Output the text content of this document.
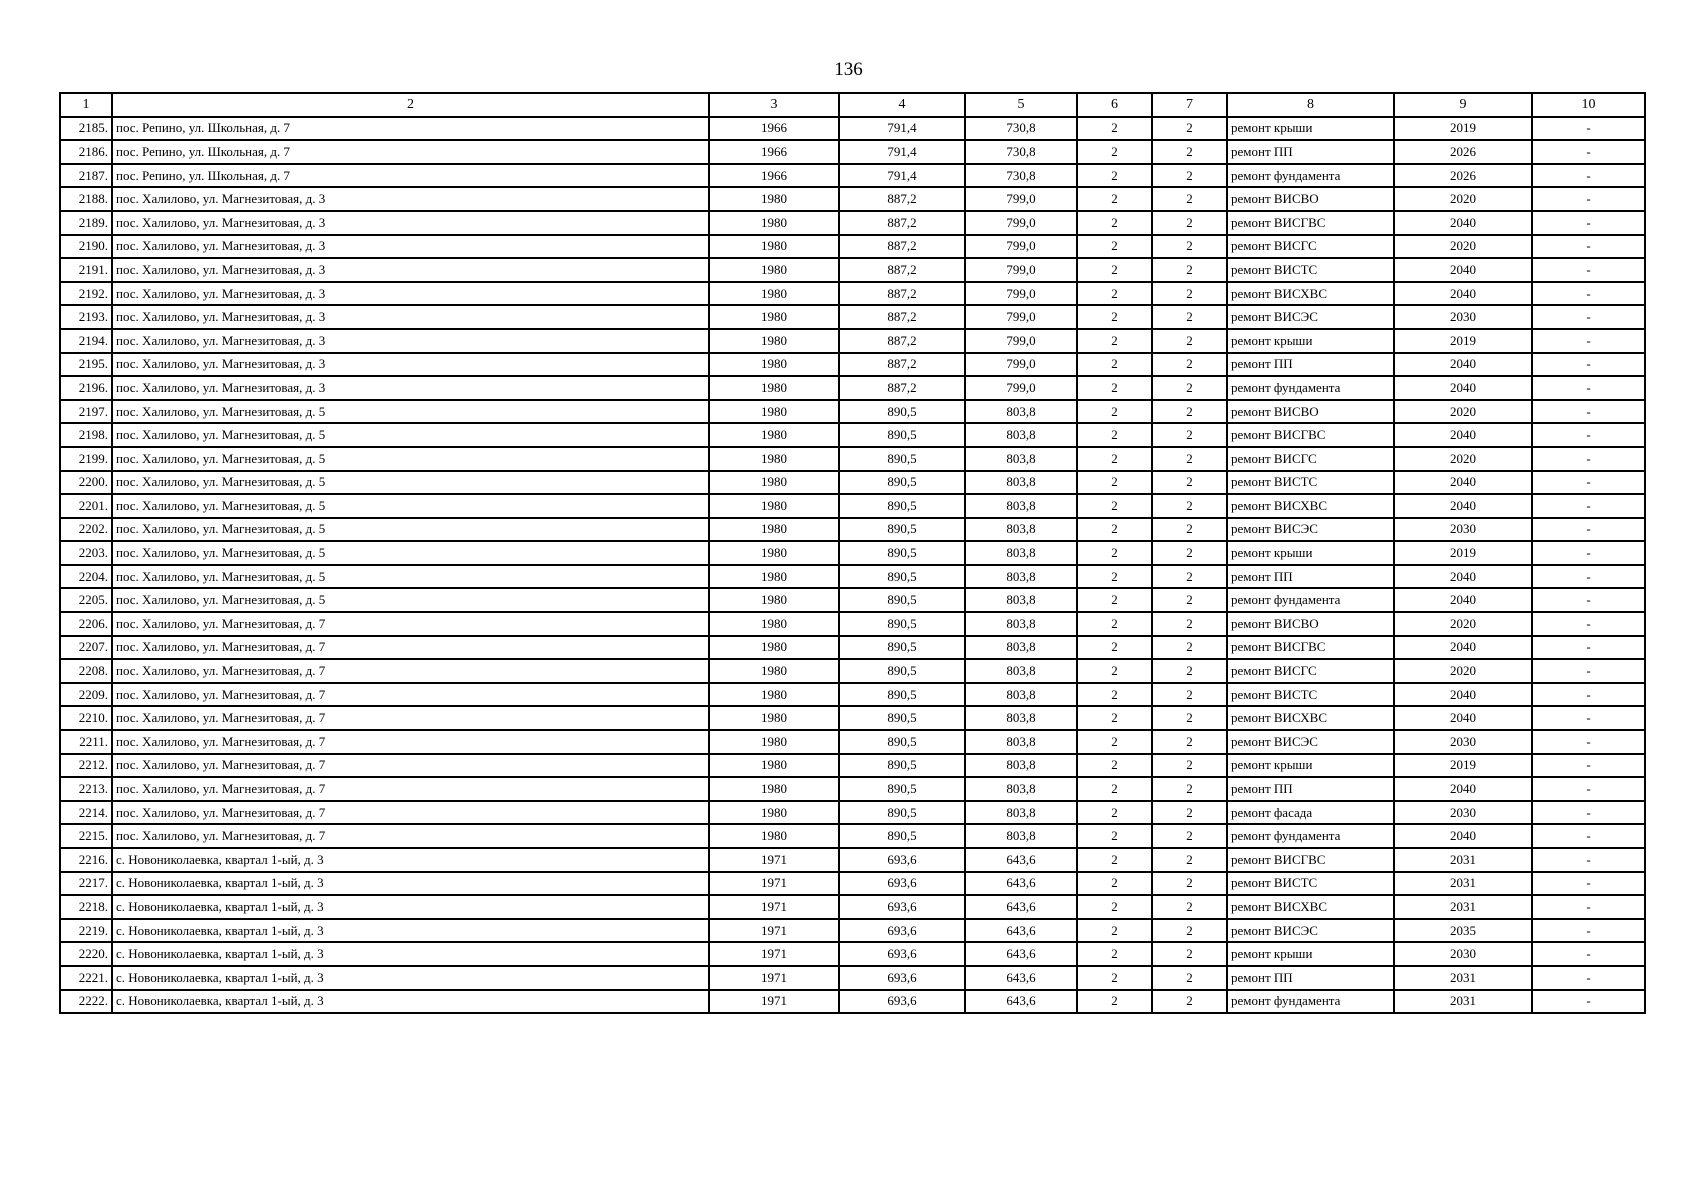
136
1	2	3	4	5	6	7	8	9	10
2185.	пос. Репино, ул. Школьная, д. 7	1966	791,4	730,8	2	2	ремонт крыши	2019	-
2186.	пос. Репино, ул. Школьная, д. 7	1966	791,4	730,8	2	2	ремонт ПП	2026	-
2187.	пос. Репино, ул. Школьная, д. 7	1966	791,4	730,8	2	2	ремонт фундамента	2026	-
2188.	пос. Халилово, ул. Магнезитовая, д. 3	1980	887,2	799,0	2	2	ремонт ВИСВО	2020	-
2189.	пос. Халилово, ул. Магнезитовая, д. 3	1980	887,2	799,0	2	2	ремонт ВИСГВС	2040	-
2190.	пос. Халилово, ул. Магнезитовая, д. 3	1980	887,2	799,0	2	2	ремонт ВИСГС	2020	-
2191.	пос. Халилово, ул. Магнезитовая, д. 3	1980	887,2	799,0	2	2	ремонт ВИСТС	2040	-
2192.	пос. Халилово, ул. Магнезитовая, д. 3	1980	887,2	799,0	2	2	ремонт ВИСХВС	2040	-
2193.	пос. Халилово, ул. Магнезитовая, д. 3	1980	887,2	799,0	2	2	ремонт ВИСЭС	2030	-
2194.	пос. Халилово, ул. Магнезитовая, д. 3	1980	887,2	799,0	2	2	ремонт крыши	2019	-
2195.	пос. Халилово, ул. Магнезитовая, д. 3	1980	887,2	799,0	2	2	ремонт ПП	2040	-
2196.	пос. Халилово, ул. Магнезитовая, д. 3	1980	887,2	799,0	2	2	ремонт фундамента	2040	-
2197.	пос. Халилово, ул. Магнезитовая, д. 5	1980	890,5	803,8	2	2	ремонт ВИСВО	2020	-
2198.	пос. Халилово, ул. Магнезитовая, д. 5	1980	890,5	803,8	2	2	ремонт ВИСГВС	2040	-
2199.	пос. Халилово, ул. Магнезитовая, д. 5	1980	890,5	803,8	2	2	ремонт ВИСГС	2020	-
2200.	пос. Халилово, ул. Магнезитовая, д. 5	1980	890,5	803,8	2	2	ремонт ВИСТС	2040	-
2201.	пос. Халилово, ул. Магнезитовая, д. 5	1980	890,5	803,8	2	2	ремонт ВИСХВС	2040	-
2202.	пос. Халилово, ул. Магнезитовая, д. 5	1980	890,5	803,8	2	2	ремонт ВИСЭС	2030	-
2203.	пос. Халилово, ул. Магнезитовая, д. 5	1980	890,5	803,8	2	2	ремонт крыши	2019	-
2204.	пос. Халилово, ул. Магнезитовая, д. 5	1980	890,5	803,8	2	2	ремонт ПП	2040	-
2205.	пос. Халилово, ул. Магнезитовая, д. 5	1980	890,5	803,8	2	2	ремонт фундамента	2040	-
2206.	пос. Халилово, ул. Магнезитовая, д. 7	1980	890,5	803,8	2	2	ремонт ВИСВО	2020	-
2207.	пос. Халилово, ул. Магнезитовая, д. 7	1980	890,5	803,8	2	2	ремонт ВИСГВС	2040	-
2208.	пос. Халилово, ул. Магнезитовая, д. 7	1980	890,5	803,8	2	2	ремонт ВИСГС	2020	-
2209.	пос. Халилово, ул. Магнезитовая, д. 7	1980	890,5	803,8	2	2	ремонт ВИСТС	2040	-
2210.	пос. Халилово, ул. Магнезитовая, д. 7	1980	890,5	803,8	2	2	ремонт ВИСХВС	2040	-
2211.	пос. Халилово, ул. Магнезитовая, д. 7	1980	890,5	803,8	2	2	ремонт ВИСЭС	2030	-
2212.	пос. Халилово, ул. Магнезитовая, д. 7	1980	890,5	803,8	2	2	ремонт крыши	2019	-
2213.	пос. Халилово, ул. Магнезитовая, д. 7	1980	890,5	803,8	2	2	ремонт ПП	2040	-
2214.	пос. Халилово, ул. Магнезитовая, д. 7	1980	890,5	803,8	2	2	ремонт фасада	2030	-
2215.	пос. Халилово, ул. Магнезитовая, д. 7	1980	890,5	803,8	2	2	ремонт фундамента	2040	-
2216.	с. Новониколаевка, квартал 1-ый, д. 3	1971	693,6	643,6	2	2	ремонт ВИСГВС	2031	-
2217.	с. Новониколаевка, квартал 1-ый, д. 3	1971	693,6	643,6	2	2	ремонт ВИСТС	2031	-
2218.	с. Новониколаевка, квартал 1-ый, д. 3	1971	693,6	643,6	2	2	ремонт ВИСХВС	2031	-
2219.	с. Новониколаевка, квартал 1-ый, д. 3	1971	693,6	643,6	2	2	ремонт ВИСЭС	2035	-
2220.	с. Новониколаевка, квартал 1-ый, д. 3	1971	693,6	643,6	2	2	ремонт крыши	2030	-
2221.	с. Новониколаевка, квартал 1-ый, д. 3	1971	693,6	643,6	2	2	ремонт ПП	2031	-
2222.	с. Новониколаевка, квартал 1-ый, д. 3	1971	693,6	643,6	2	2	ремонт фундамента	2031	-
